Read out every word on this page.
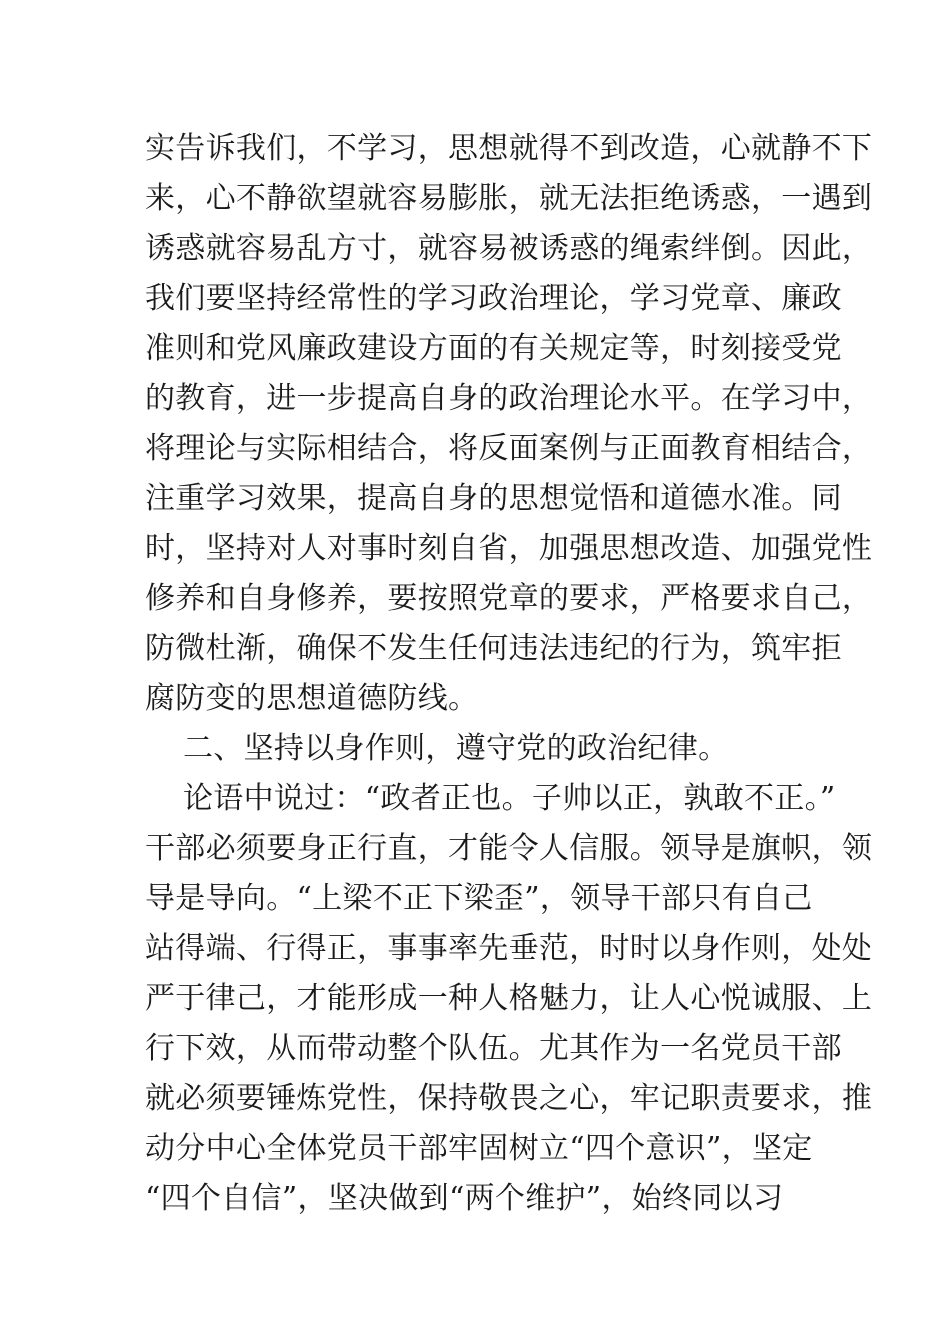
实告诉我们，不学习，思想就得不到改造，心就静不下
来，心不静欲望就容易膨胀，就无法拒绝诱惑，一遇到
诱惑就容易乱方寸，就容易被诱惑的绳索绊倒。因此，
我们要坚持经常性的学习政治理论，学习党章、廉政
准则和党风廉政建设方面的有关规定等，时刻接受党
的教育，进一步提高自身的政治理论水平。在学习中，
将理论与实际相结合，将反面案例与正面教育相结合，
注重学习效果，提高自身的思想觉悟和道德水准。同
时，坚持对人对事时刻自省，加强思想改造、加强党性
修养和自身修养，要按照党章的要求，严格要求自己，
防微杜渐，确保不发生任何违法违纪的行为，筑牢拒
腐防变的思想道德防线。
二、坚持以身作则，遵守党的政治纪律。
论语中说过：“政者正也。子帅以正，孰敢不正。”
干部必须要身正行直，才能令人信服。领导是旗帜，领
导是导向。“上梁不正下梁歪”，领导干部只有自己
站得端、行得正，事事率先垂范，时时以身作则，处处
严于律己，才能形成一种人格魅力，让人心悦诚服、上
行下效，从而带动整个队伍。尤其作为一名党员干部
就必须要锤炼党性，保持敬畏之心，牢记职责要求，推
动分中心全体党员干部牢固树立“四个意识”，坚定
“四个自信”，坚决做到“两个维护”，始终同以习
